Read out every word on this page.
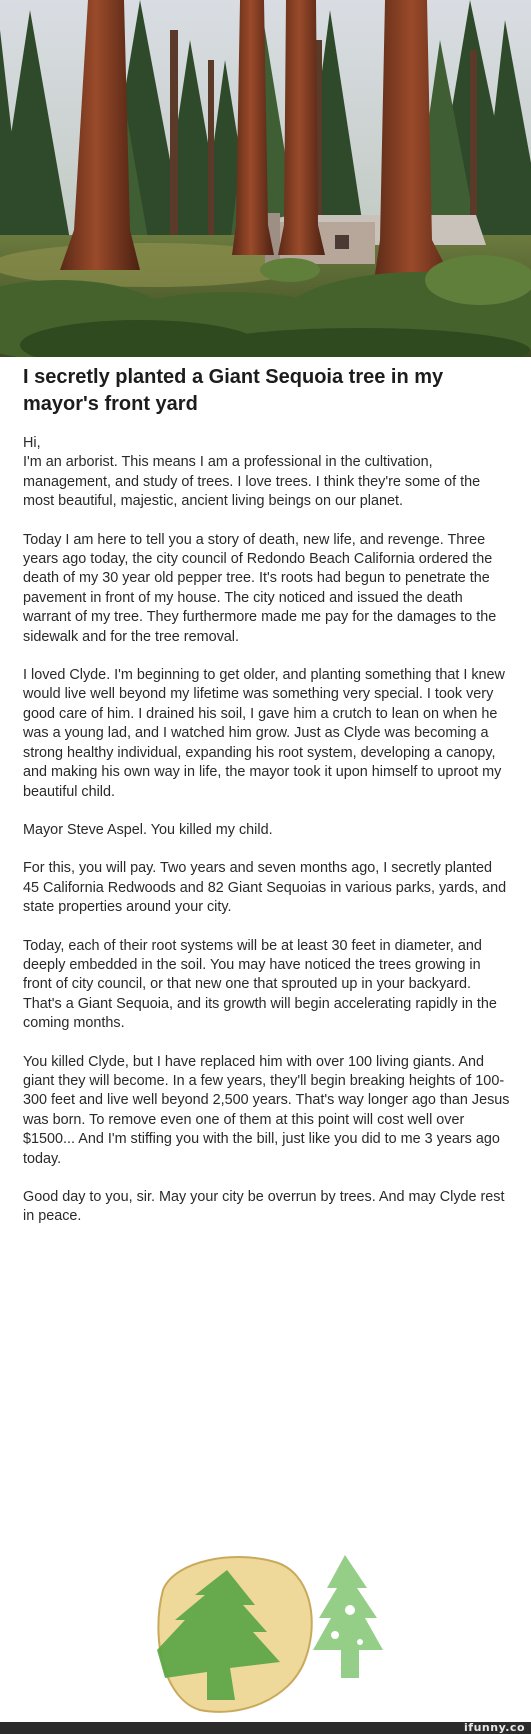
I secretly planted a Giant Sequoia tree in my mayor's front yard
Hi,
I'm an arborist. This means I am a professional in the cultivation, management, and study of trees. I love trees. I think they're some of the most beautiful, majestic, ancient living beings on our planet.
Today I am here to tell you a story of death, new life, and revenge. Three years ago today, the city council of Redondo Beach California ordered the death of my 30 year old pepper tree. It's roots had begun to penetrate the pavement in front of my house. The city noticed and issued the death warrant of my tree. They furthermore made me pay for the damages to the sidewalk and for the tree removal.
I loved Clyde. I'm beginning to get older, and planting something that I knew would live well beyond my lifetime was something very special. I took very good care of him. I drained his soil, I gave him a crutch to lean on when he was a young lad, and I watched him grow. Just as Clyde was becoming a strong healthy individual, expanding his root system, developing a canopy, and making his own way in life, the mayor took it upon himself to uproot my beautiful child.
Mayor Steve Aspel. You killed my child.
For this, you will pay. Two years and seven months ago, I secretly planted 45 California Redwoods and 82 Giant Sequoias in various parks, yards, and state properties around your city.
Today, each of their root systems will be at least 30 feet in diameter, and deeply embedded in the soil. You may have noticed the trees growing in front of city council, or that new one that sprouted up in your backyard. That's a Giant Sequoia, and its growth will begin accelerating rapidly in the coming months.
You killed Clyde, but I have replaced him with over 100 living giants. And giant they will become. In a few years, they'll begin breaking heights of 100-300 feet and live well beyond 2,500 years. That's way longer ago than Jesus was born. To remove even one of them at this point will cost well over $1500... And I'm stiffing you with the bill, just like you did to me 3 years ago today.
Good day to you, sir. May your city be overrun by trees. And may Clyde rest in peace.
ifunny.co
